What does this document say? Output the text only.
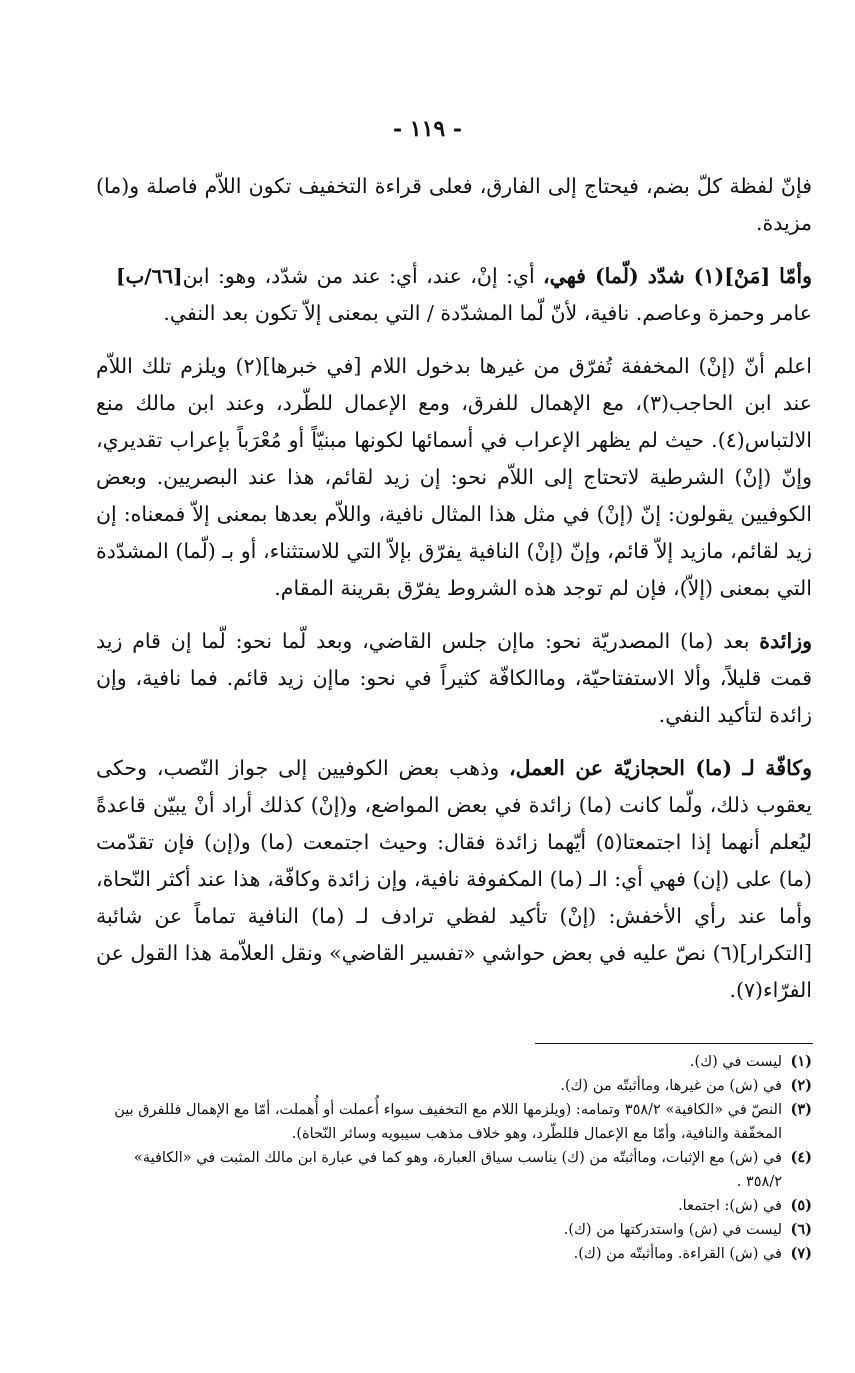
- ١١٩ -

فإنّ لفظة كلّ بضم، فيحتاج إلى الفارق، فعلى قراءة التخفيف تكون اللاّم فاصلة و(ما) مزيدة.

[٦٦/ب]	وأمّا [مَنْ](١) شدّد (لّما) فهي، أي: إنْ، عند، أي: عند من شدّد، وهو: ابن عامر وحمزة وعاصم. نافية، لأنّ لّما المشدّدة / التي بمعنى إلاّ تكون بعد النفي.

اعلم أنّ (إنْ) المخففة تُفرّق من غيرها بدخول اللام [في خبرها](٢) ويلزم تلك اللاّم عند ابن الحاجب(٣)، مع الإهمال للفرق، ومع الإعمال للطّرد، وعند ابن مالك منع الالتباس(٤). حيث لم يظهر الإعراب في أسمائها لكونها مبنيّاً أو مُعْرَباً بإعراب تقديري، وإنّ (إنْ) الشرطية لاتحتاج إلى اللاّم نحو: إن زيد لقائم، هذا عند البصريين. وبعض الكوفيين يقولون: إنّ (إنْ) في مثل هذا المثال نافية، واللاّم بعدها بمعنى إلاّ فمعناه: إن زيد لقائم، مازيد إلاّ قائم، وإنّ (إنْ) النافية يفرّق بإلاّ التي للاستثناء، أو بـ (لّما) المشدّدة التي بمعنى (إلاّ)، فإن لم توجد هذه الشروط يفرّق بقرينة المقام.

وزائدة بعد (ما) المصدريّة نحو: ماإن جلس القاضي، وبعد لّما نحو: لّما إن قام زيد قمت قليلاً، وألا الاستفتاحيّة، وماالكافّة كثيراً في نحو: ماإن زيد قائم. فما نافية، وإن زائدة لتأكيد النفي.

وكافّة لـ (ما) الحجازيّة عن العمل، وذهب بعض الكوفيين إلى جواز النّصب، وحكى يعقوب ذلك، ولّما كانت (ما) زائدة في بعض المواضع، و(إنْ) كذلك أراد أنْ يبيّن قاعدةً ليُعلم أنهما إذا اجتمعتا(٥) أيّهما زائدة فقال: وحيث اجتمعت (ما) و(إن) فإن تقدّمت (ما) على (إن) فهي أي: الـ (ما) المكفوفة نافية، وإن زائدة وكافّة، هذا عند أكثر النّحاة، وأما عند رأي الأخفش: (إنْ) تأكيد لفظي ترادف لـ (ما) النافية تماماً عن شائبة [التكرار](٦) نصّ عليه في بعض حواشي «تفسير القاضي» ونقل العلاّمة هذا القول عن الفرّاء(٧).

(١)
ليست في (ك).
(٢)
في (ش) من غيرها، وماأثبتّه من (ك).
(٣)
النصّ في «الكافية» ٣٥٨/٢ وتمامه: (ويلزمها اللام مع التخفيف سواء أُعملت أو أُهملت، أمّا مع الإهمال فللفرق بين المخفّفة والنافية، وأمّا مع الإعمال فللطّرد، وهو خلاف مذهب سيبويه وسائر النّحاة).
(٤)
في (ش) مع الإثبات، وماأثبتّه من (ك) يناسب سياق العبارة، وهو كما في عبارة ابن مالك المثبت في «الكافية» ٣٥٨/٢ .
(٥)
في (ش): اجتمعا.
(٦)
ليست في (ش) واستدركتها من (ك).
(٧)
في (ش) القراءة. وماأثبتّه من (ك).
